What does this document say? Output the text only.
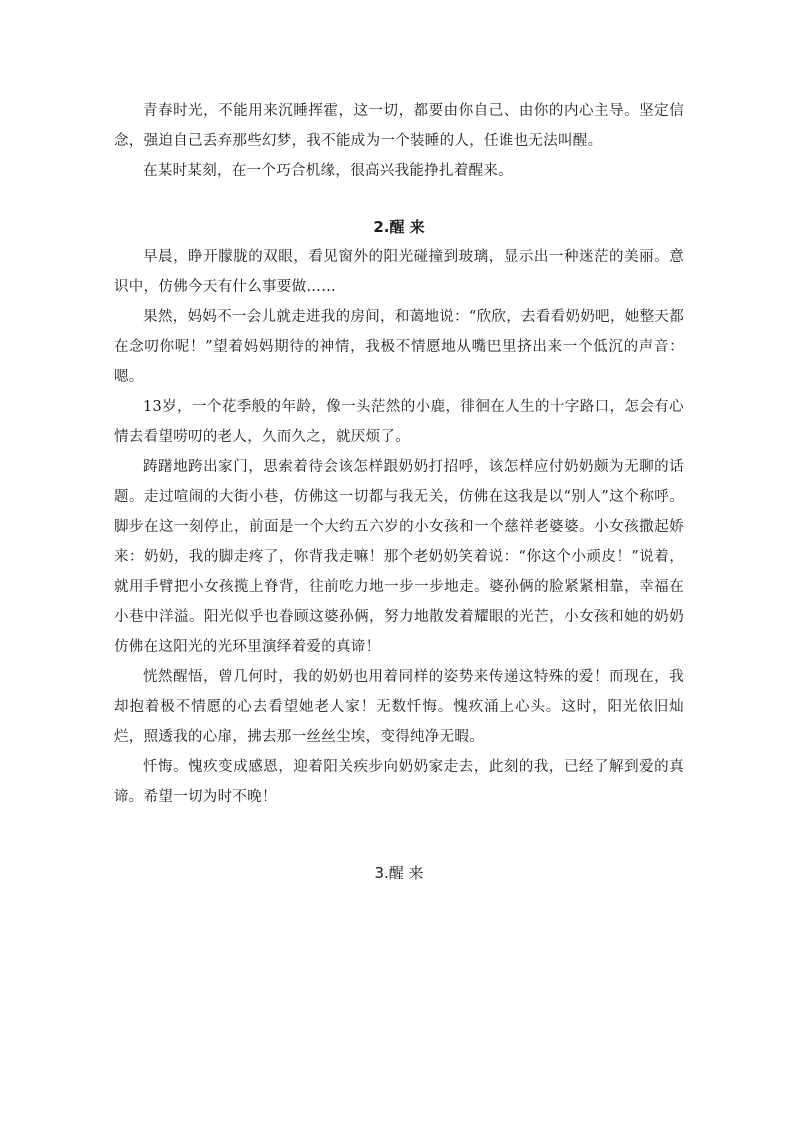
青春时光，不能用来沉睡挥霍，这一切，都要由你自己、由你的内心主导。坚定信念，强迫自己丢弃那些幻梦，我不能成为一个装睡的人，任谁也无法叫醒。

在某时某刻，在一个巧合机缘，很高兴我能挣扎着醒来。

2.醒 来

早晨，睁开朦胧的双眼，看见窗外的阳光碰撞到玻璃，显示出一种迷茫的美丽。意识中，仿佛今天有什么事要做……

果然，妈妈不一会儿就走进我的房间，和蔼地说：“欣欣，去看看奶奶吧，她整天都在念叨你呢！”望着妈妈期待的神情，我极不情愿地从嘴巴里挤出来一个低沉的声音：嗯。

13岁，一个花季般的年龄，像一头茫然的小鹿，徘徊在人生的十字路口，怎会有心情去看望唠叨的老人，久而久之，就厌烦了。

踌躇地跨出家门，思索着待会该怎样跟奶奶打招呼，该怎样应付奶奶颇为无聊的话题。走过喧闹的大街小巷，仿佛这一切都与我无关，仿佛在这我是以“别人”这个称呼。脚步在这一刻停止，前面是一个大约五六岁的小女孩和一个慈祥老婆婆。小女孩撒起娇来：奶奶，我的脚走疼了，你背我走嘛！那个老奶奶笑着说：“你这个小顽皮！”说着，就用手臂把小女孩揽上脊背，往前吃力地一步一步地走。婆孙俩的脸紧紧相靠，幸福在小巷中洋溢。阳光似乎也眷顾这婆孙俩，努力地散发着耀眼的光芒，小女孩和她的奶奶仿佛在这阳光的光环里演绎着爱的真谛！

恍然醒悟，曾几何时，我的奶奶也用着同样的姿势来传递这特殊的爱！而现在，我却抱着极不情愿的心去看望她老人家！无数忏悔。愧疚涌上心头。这时，阳光依旧灿烂，照透我的心扉，拂去那一丝丝尘埃，变得纯净无暇。

忏悔。愧疚变成感恩，迎着阳关疾步向奶奶家走去，此刻的我，已经了解到爱的真谛。希望一切为时不晚！

3.醒 来
